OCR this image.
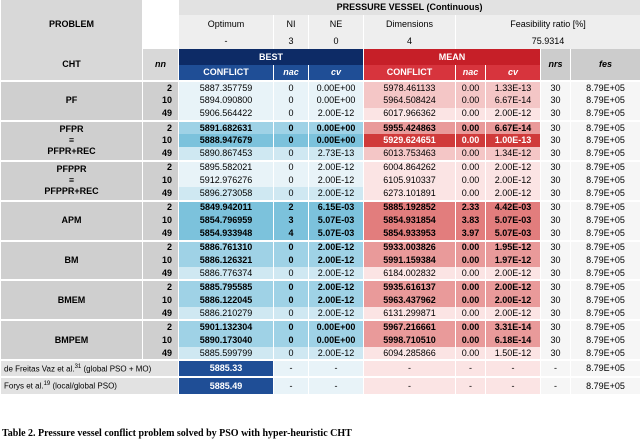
PROBLEM		PRESSURE VESSEL (Continuous)							
		Optimum	NI	NE	Dimensions	Feasibility ratio [%]			
		-	3	0	4	75.9314			
CHT	nn	BEST			MEAN			nrs	fes
		CONFLICT	nac	cv	CONFLICT	nac	cv		

PF	2	5887.357759	0	0.00E+00	5978.461133	0.00	1.33E-13	30	8.79E+05
	10	5894.090800	0	0.00E+00	5964.508424	0.00	6.67E-14	30	8.79E+05
	49	5906.564422	0	2.00E-12	6017.966362	0.00	2.00E-12	30	8.79E+05

PFPR
≡
PFPR+REC	2	5891.682631	0	0.00E+00	5955.424863	0.00	6.67E-14	30	8.79E+05
	10	5888.947679	0	0.00E+00	5929.624651	0.00	1.00E-13	30	8.79E+05
	49	5890.867453	0	2.73E-13	6013.753463	0.00	1.34E-12	30	8.79E+05

PFPPR
≡
PFPPR+REC	2	5895.582021	0	2.00E-12	6004.864262	0.00	2.00E-12	30	8.79E+05
	10	5912.976276	0	2.00E-12	6105.910337	0.00	2.00E-12	30	8.79E+05
	49	5896.273058	0	2.00E-12	6273.101891	0.00	2.00E-12	30	8.79E+05

APM	2	5849.942011	2	6.15E-03	5885.192852	2.33	4.42E-03	30	8.79E+05
	10	5854.796959	3	5.07E-03	5854.931854	3.83	5.07E-03	30	8.79E+05
	49	5854.933948	4	5.07E-03	5854.933953	3.97	5.07E-03	30	8.79E+05

BM	2	5886.761310	0	2.00E-12	5933.003826	0.00	1.95E-12	30	8.79E+05
	10	5886.126321	0	2.00E-12	5991.159384	0.00	1.97E-12	30	8.79E+05
	49	5886.776374	0	2.00E-12	6184.002832	0.00	2.00E-12	30	8.79E+05

BMEM	2	5885.795585	0	2.00E-12	5935.616137	0.00	2.00E-12	30	8.79E+05
	10	5886.122045	0	2.00E-12	5963.437962	0.00	2.00E-12	30	8.79E+05
	49	5886.210279	0	2.00E-12	6131.299871	0.00	2.00E-12	30	8.79E+05

BMPEM	2	5901.132304	0	0.00E+00	5967.216661	0.00	3.31E-14	30	8.79E+05
	10	5890.173040	0	0.00E+00	5998.710510	0.00	6.18E-14	30	8.79E+05
	49	5885.599799	0	2.00E-12	6094.285866	0.00	1.50E-12	30	8.79E+05
de Freitas Vaz et al.$^{31}$ (global PSO + MO)		5885.33	-	-	-	-	-	-	8.79E+05
Forys et al.$^{19}$ (local/global PSO)		5885.49	-	-	-	-	-	-	8.79E+05
Table 2. Pressure vessel conflict problem solved by PSO with hyper-heuristic CHT
